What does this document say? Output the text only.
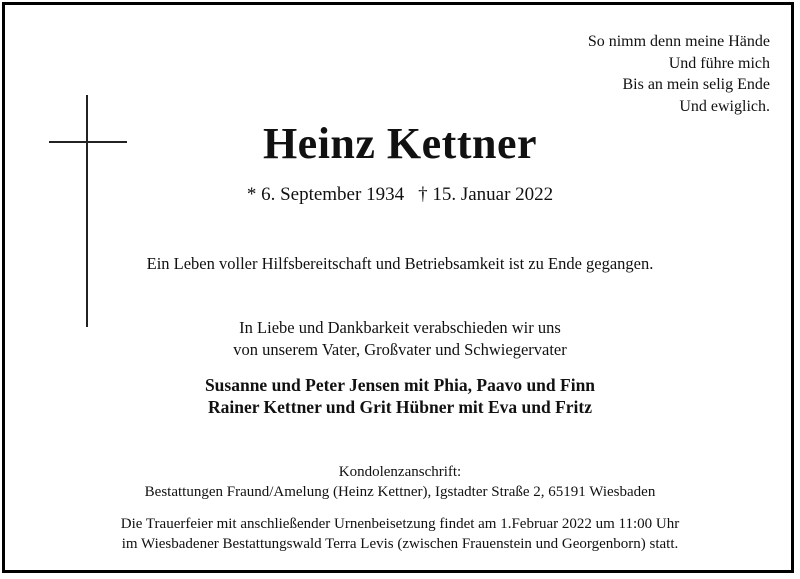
So nimm denn meine Hände
Und führe mich
Bis an mein selig Ende
Und ewiglich.
Heinz Kettner
* 6. September 1934 † 15. Januar 2022
Ein Leben voller Hilfsbereitschaft und Betriebsamkeit ist zu Ende gegangen.
In Liebe und Dankbarkeit verabschieden wir uns
von unserem Vater, Großvater und Schwiegervater
Susanne und Peter Jensen mit Phia, Paavo und Finn
Rainer Kettner und Grit Hübner mit Eva und Fritz
Kondolenzanschrift:
Bestattungen Fraund/Amelung (Heinz Kettner), Igstadter Straße 2, 65191 Wiesbaden
Die Trauerfeier mit anschließender Urnenbeisetzung findet am 1.Februar 2022 um 11:00 Uhr
im Wiesbadener Bestattungswald Terra Levis (zwischen Frauenstein und Georgenborn) statt.
